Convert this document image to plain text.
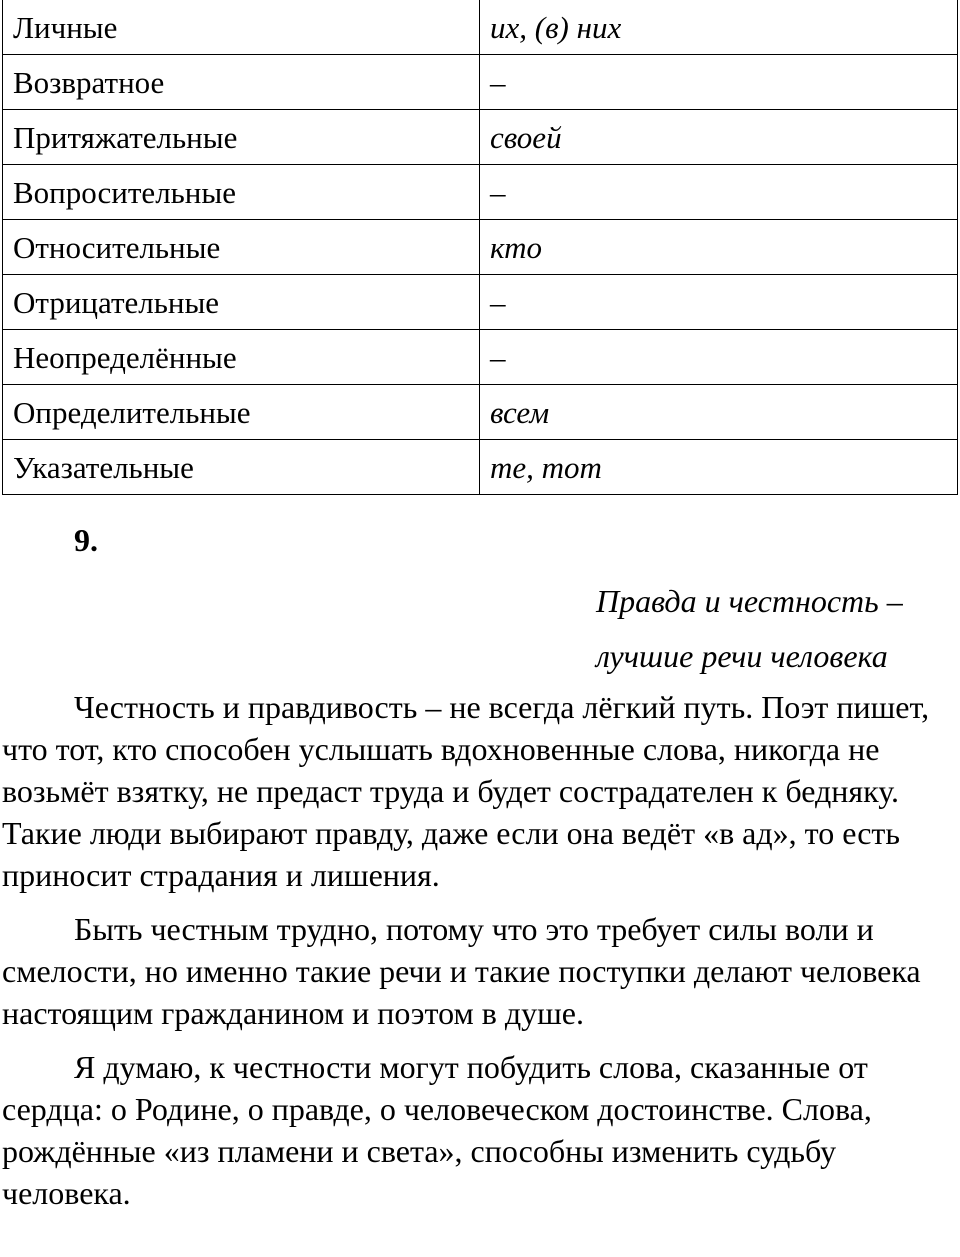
Личные	их, (в) них
Возвратное	–
Притяжательные	своей
Вопросительные	–
Относительные	кто
Отрицательные	–
Неопределённые	–
Определительные	всем
Указательные	те, тот
9.
Правда и честность –
лучшие речи человека

Честность и правдивость – не всегда лёгкий путь. Поэт пишет, что тот, кто способен услышать вдохновенные слова, никогда не возьмёт взятку, не предаст труда и будет сострадателен к бедняку. Такие люди выбирают правду, даже если она ведёт «в ад», то есть приносит страдания и лишения.

Быть честным трудно, потому что это требует силы воли и смелости, но именно такие речи и такие поступки делают человека настоящим гражданином и поэтом в душе.

Я думаю, к честности могут побудить слова, сказанные от сердца: о Родине, о правде, о человеческом достоинстве. Слова, рождённые «из пламени и света», способны изменить судьбу человека.
